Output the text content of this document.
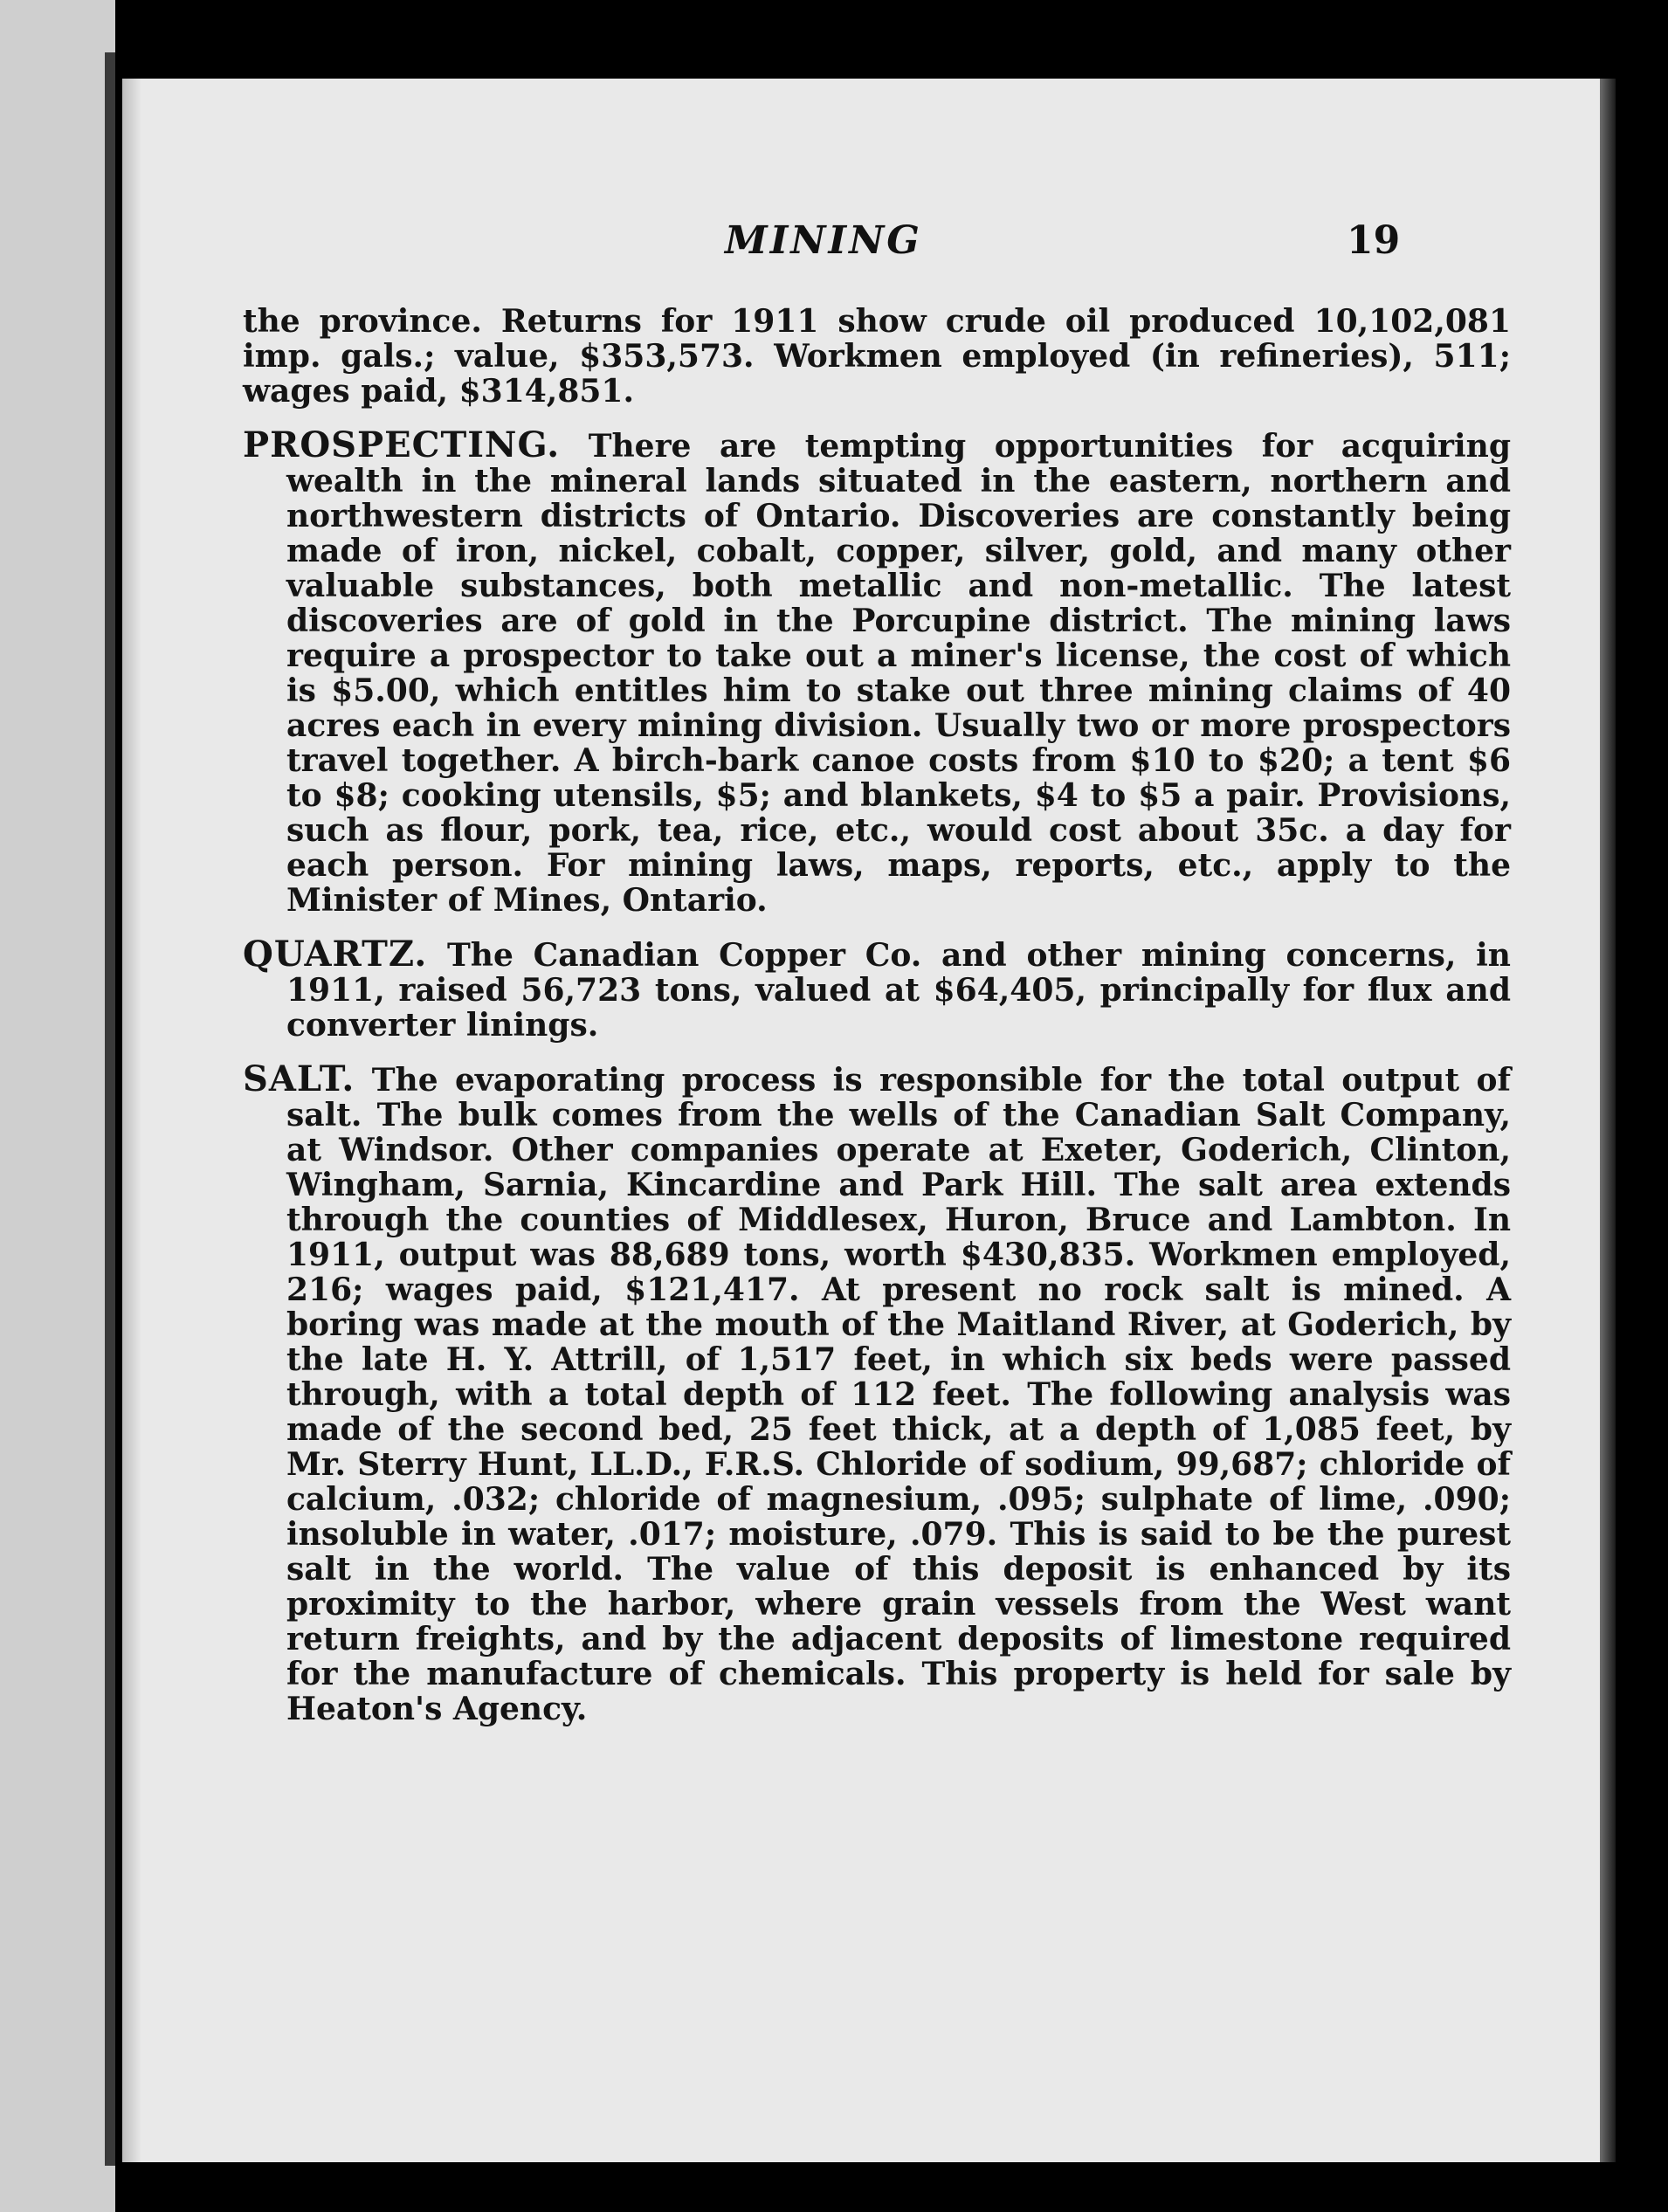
MINING	19

the province. Returns for 1911 show crude oil produced 10,102,081 imp. gals.; value, $353,573. Workmen employed (in refineries), 511; wages paid, $314,851.

PROSPECTING. There are tempting opportunities for acquiring wealth in the mineral lands situated in the eastern, northern and northwestern districts of Ontario. Discoveries are constantly being made of iron, nickel, cobalt, copper, silver, gold, and many other valuable substances, both metallic and non-metallic. The latest discoveries are of gold in the Porcupine district. The mining laws require a prospector to take out a miner's license, the cost of which is $5.00, which entitles him to stake out three mining claims of 40 acres each in every mining division. Usually two or more prospectors travel together. A birch-bark canoe costs from $10 to $20; a tent $6 to $8; cooking utensils, $5; and blankets, $4 to $5 a pair. Provisions, such as flour, pork, tea, rice, etc., would cost about 35c. a day for each person. For mining laws, maps, reports, etc., apply to the Minister of Mines, Ontario.

QUARTZ. The Canadian Copper Co. and other mining concerns, in 1911, raised 56,723 tons, valued at $64,405, principally for flux and converter linings.

SALT. The evaporating process is responsible for the total output of salt. The bulk comes from the wells of the Canadian Salt Company, at Windsor. Other companies operate at Exeter, Goderich, Clinton, Wingham, Sarnia, Kincardine and Park Hill. The salt area extends through the counties of Middlesex, Huron, Bruce and Lambton. In 1911, output was 88,689 tons, worth $430,835. Workmen employed, 216; wages paid, $121,417. At present no rock salt is mined. A boring was made at the mouth of the Maitland River, at Goderich, by the late H. Y. Attrill, of 1,517 feet, in which six beds were passed through, with a total depth of 112 feet. The following analysis was made of the second bed, 25 feet thick, at a depth of 1,085 feet, by Mr. Sterry Hunt, LL.D., F.R.S. Chloride of sodium, 99,687; chloride of calcium, .032; chloride of magnesium, .095; sulphate of lime, .090; insoluble in water, .017; moisture, .079. This is said to be the purest salt in the world. The value of this deposit is enhanced by its proximity to the harbor, where grain vessels from the West want return freights, and by the adjacent deposits of limestone required for the manufacture of chemicals. This property is held for sale by Heaton's Agency.
